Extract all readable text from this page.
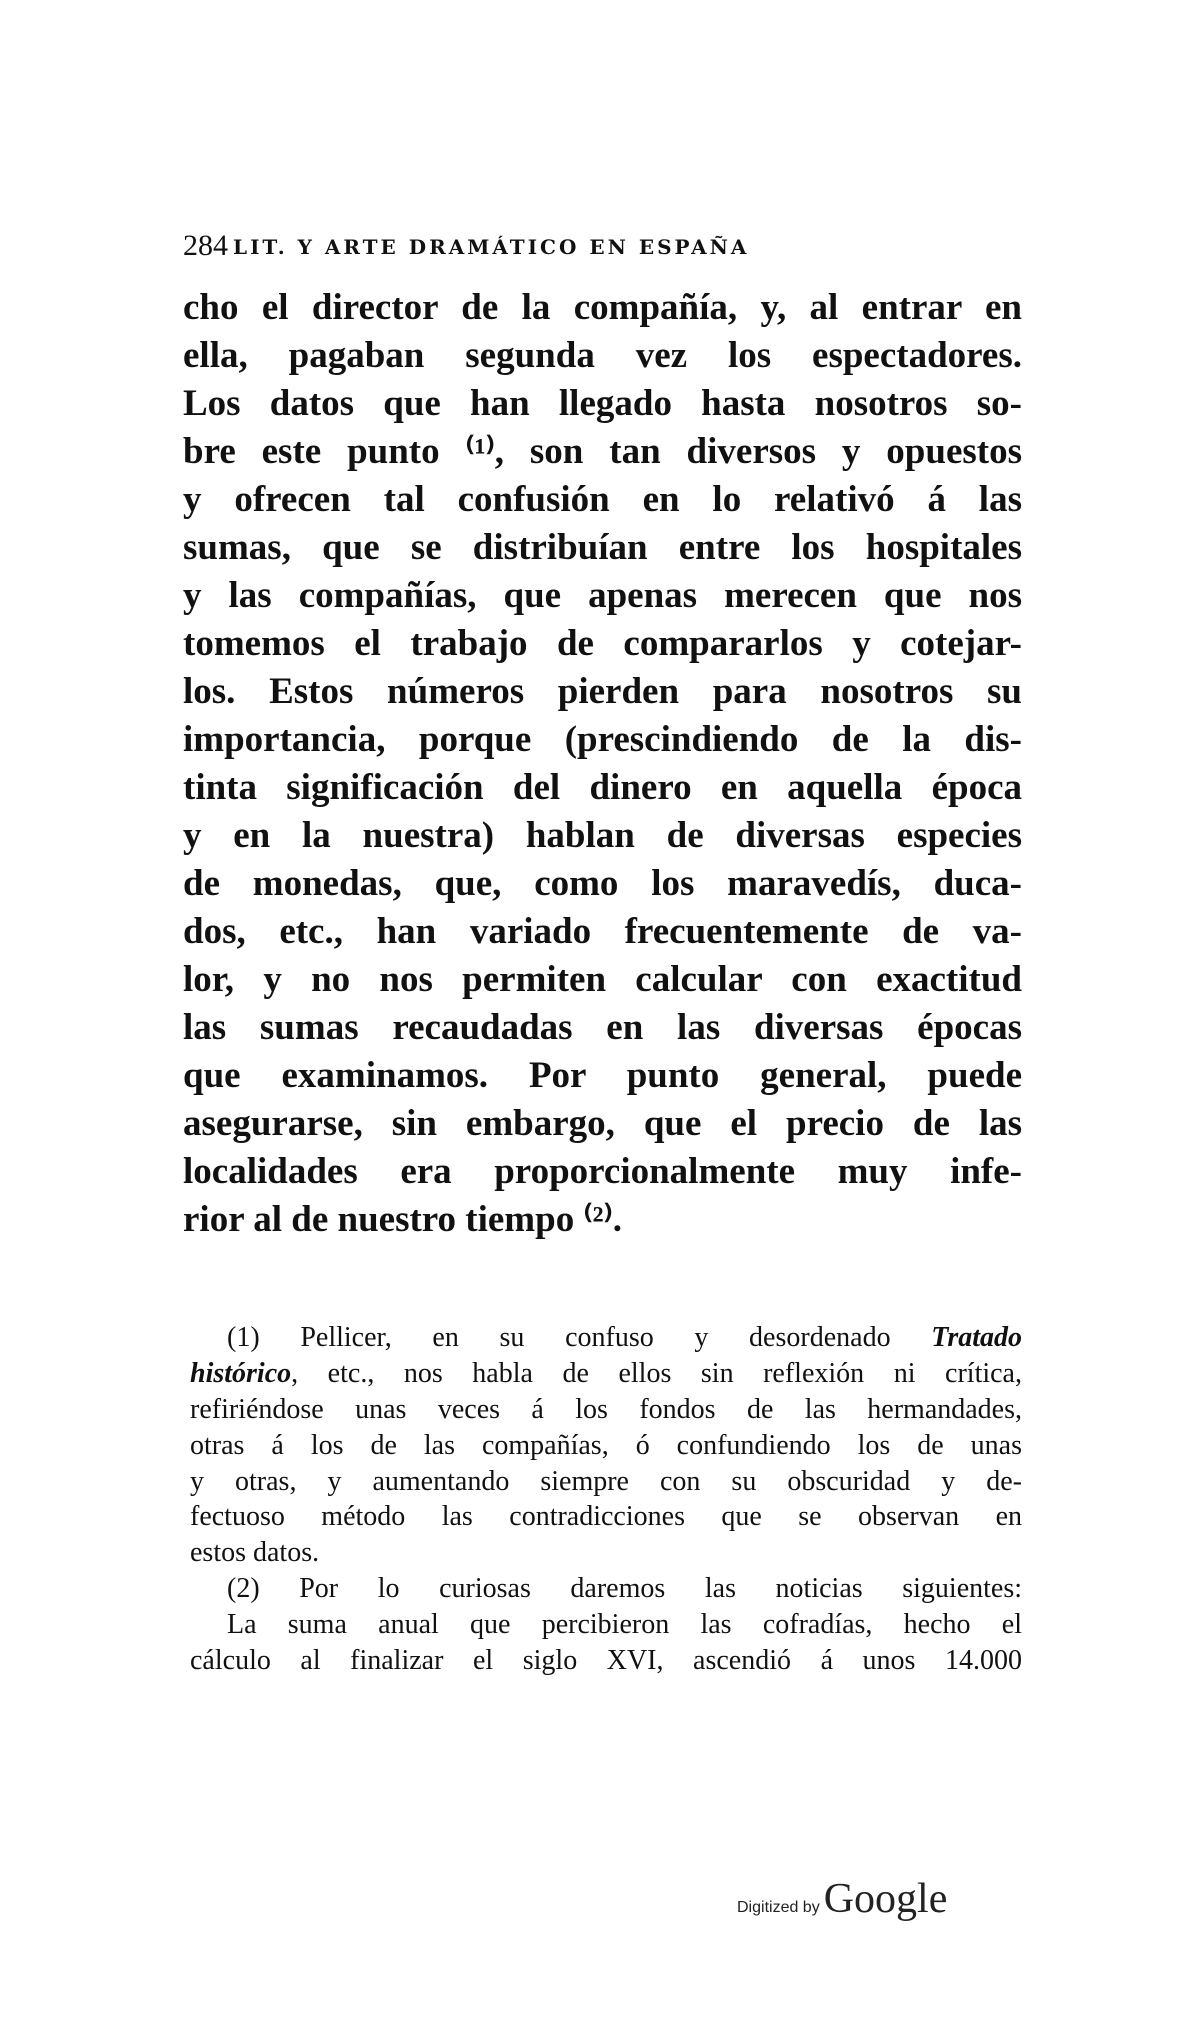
284 LIT. Y ARTE DRAMÁTICO EN ESPAÑA
cho el director de la compañía, y, al entrar en
ella, pagaban segunda vez los espectadores.
Los datos que han llegado hasta nosotros so-
bre este punto ⁽¹⁾, son tan diversos y opuestos
y ofrecen tal confusión en lo relativó á las
sumas, que se distribuían entre los hospitales
y las compañías, que apenas merecen que nos
tomemos el trabajo de compararlos y cotejar-
los. Estos números pierden para nosotros su
importancia, porque (prescindiendo de la dis-
tinta significación del dinero en aquella época
y en la nuestra) hablan de diversas especies
de monedas, que, como los maravedís, duca-
dos, etc., han variado frecuentemente de va-
lor, y no nos permiten calcular con exactitud
las sumas recaudadas en las diversas épocas
que examinamos. Por punto general, puede
asegurarse, sin embargo, que el precio de las
localidades era proporcionalmente muy infe-
rior al de nuestro tiempo ⁽²⁾.
(1) Pellicer, en su confuso y desordenado Tratado
histórico, etc., nos habla de ellos sin reflexión ni crítica,
refiriéndose unas veces á los fondos de las hermandades,
otras á los de las compañías, ó confundiendo los de unas
y otras, y aumentando siempre con su obscuridad y de-
fectuoso método las contradicciones que se observan en
estos datos.
(2) Por lo curiosas daremos las noticias siguientes:
La suma anual que percibieron las cofradías, hecho el
cálculo al finalizar el siglo XVI, ascendió á unos 14.000
Digitized by Google
